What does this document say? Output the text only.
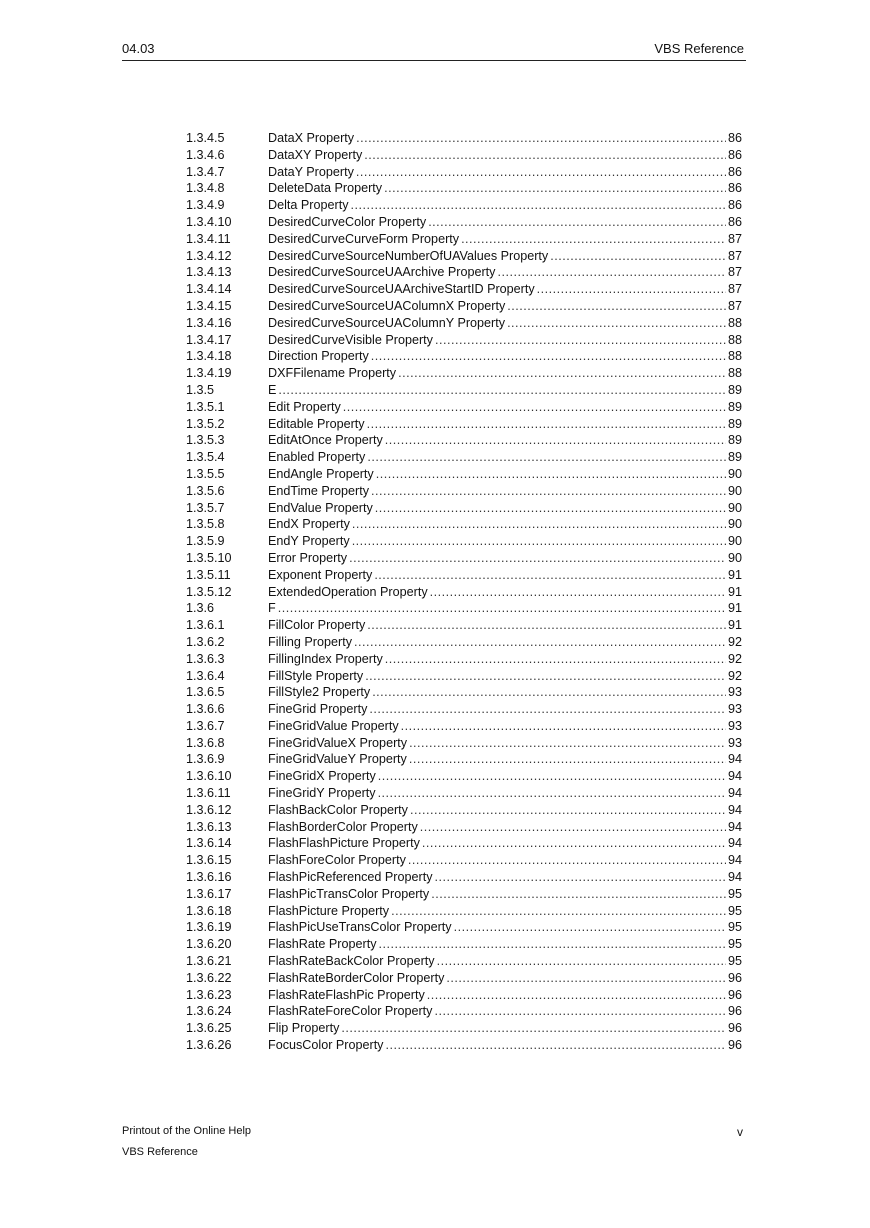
04.03	VBS Reference
1.3.4.5	DataX Property .....	86
1.3.4.6	DataXY Property .....	86
1.3.4.7	DataY Property .....	86
1.3.4.8	DeleteData Property .....	86
1.3.4.9	Delta Property .....	86
1.3.4.10	DesiredCurveColor Property .....	86
1.3.4.11	DesiredCurveCurveForm Property .....	87
1.3.4.12	DesiredCurveSourceNumberOfUAValues Property .....	87
1.3.4.13	DesiredCurveSourceUAArchive Property .....	87
1.3.4.14	DesiredCurveSourceUAArchiveStartID Property .....	87
1.3.4.15	DesiredCurveSourceUAColumnX Property .....	87
1.3.4.16	DesiredCurveSourceUAColumnY Property .....	88
1.3.4.17	DesiredCurveVisible Property .....	88
1.3.4.18	Direction Property .....	88
1.3.4.19	DXFFilename Property .....	88
1.3.5	E .....	89
1.3.5.1	Edit Property .....	89
1.3.5.2	Editable Property .....	89
1.3.5.3	EditAtOnce Property .....	89
1.3.5.4	Enabled Property .....	89
1.3.5.5	EndAngle Property .....	90
1.3.5.6	EndTime Property .....	90
1.3.5.7	EndValue Property .....	90
1.3.5.8	EndX Property .....	90
1.3.5.9	EndY Property .....	90
1.3.5.10	Error Property .....	90
1.3.5.11	Exponent Property .....	91
1.3.5.12	ExtendedOperation Property .....	91
1.3.6	F .....	91
1.3.6.1	FillColor Property .....	91
1.3.6.2	Filling Property .....	92
1.3.6.3	FillingIndex Property .....	92
1.3.6.4	FillStyle Property .....	92
1.3.6.5	FillStyle2 Property .....	93
1.3.6.6	FineGrid Property .....	93
1.3.6.7	FineGridValue Property .....	93
1.3.6.8	FineGridValueX Property .....	93
1.3.6.9	FineGridValueY Property .....	94
1.3.6.10	FineGridX Property .....	94
1.3.6.11	FineGridY Property .....	94
1.3.6.12	FlashBackColor Property .....	94
1.3.6.13	FlashBorderColor Property .....	94
1.3.6.14	FlashFlashPicture Property .....	94
1.3.6.15	FlashForeColor Property .....	94
1.3.6.16	FlashPicReferenced Property .....	94
1.3.6.17	FlashPicTransColor Property .....	95
1.3.6.18	FlashPicture Property .....	95
1.3.6.19	FlashPicUseTransColor Property .....	95
1.3.6.20	FlashRate Property .....	95
1.3.6.21	FlashRateBackColor Property .....	95
1.3.6.22	FlashRateBorderColor Property .....	96
1.3.6.23	FlashRateFlashPic Property .....	96
1.3.6.24	FlashRateForeColor Property .....	96
1.3.6.25	Flip Property .....	96
1.3.6.26	FocusColor Property .....	96
Printout of the Online Help	v
VBS Reference
